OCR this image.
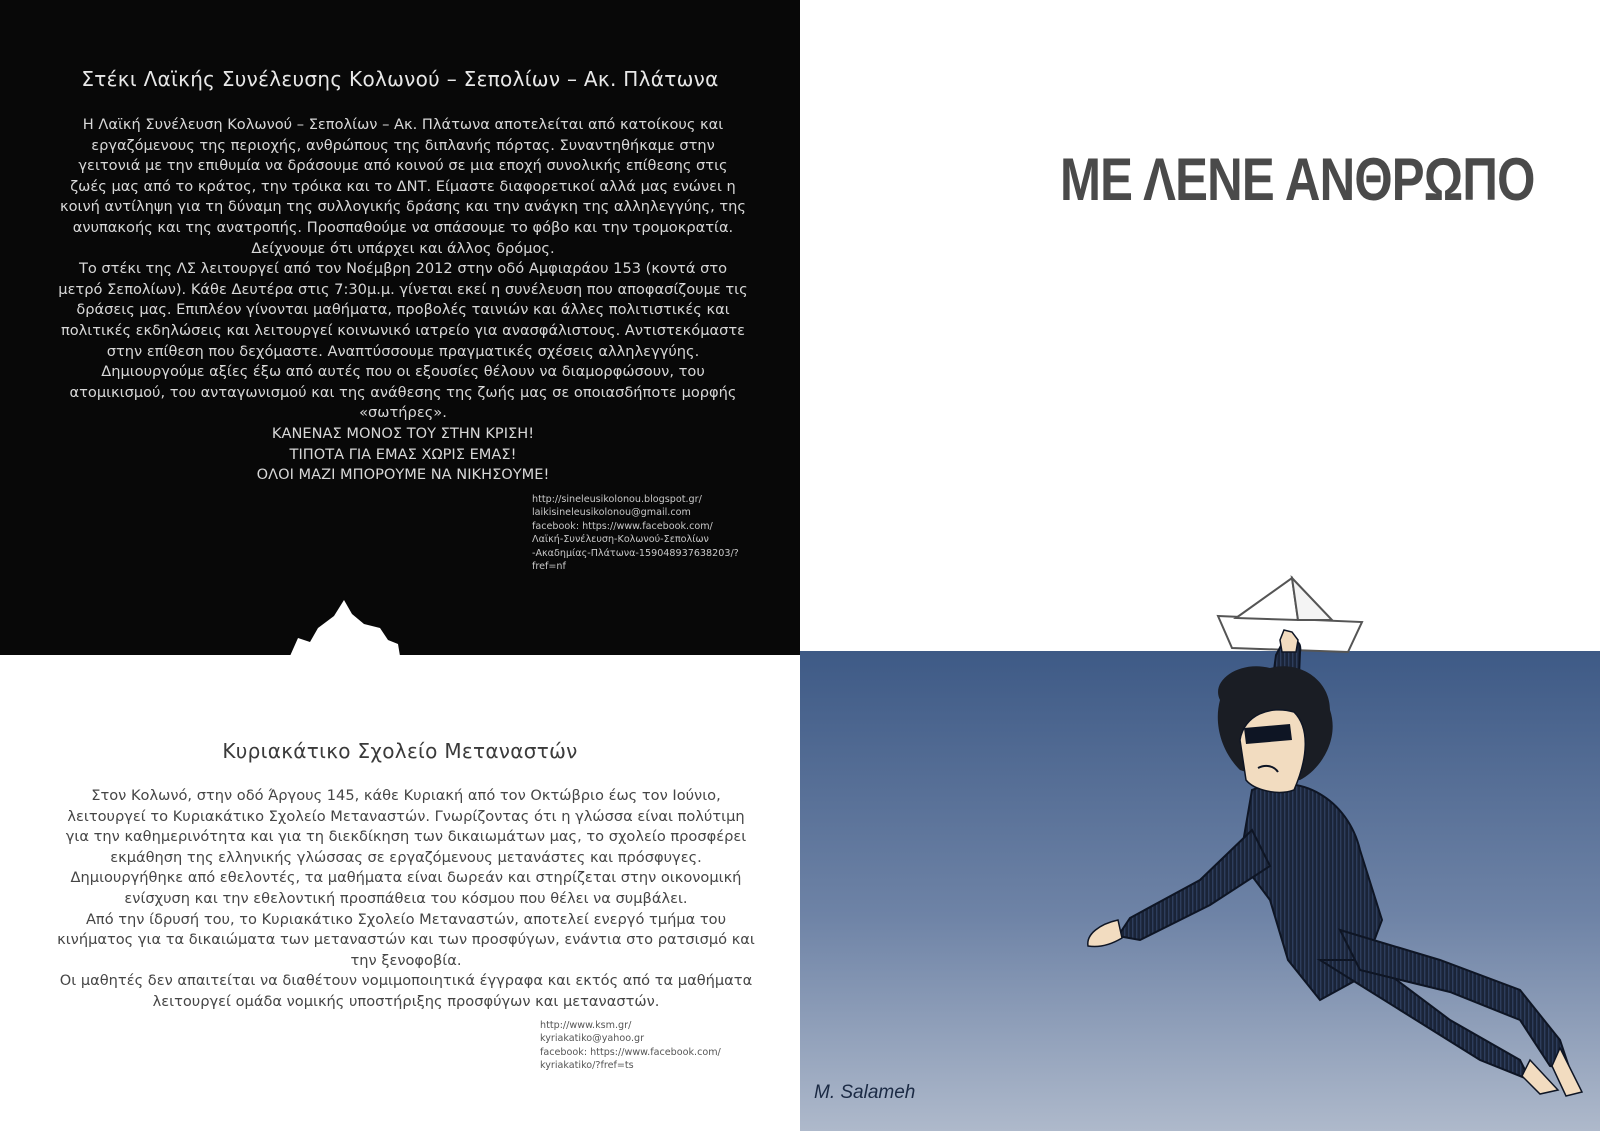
Στέκι Λαϊκής Συνέλευσης Κολωνού – Σεπολίων – Ακ. Πλάτωνα

Η Λαϊκή Συνέλευση Κολωνού – Σεπολίων – Ακ. Πλάτωνα αποτελείται από κατοίκους και εργαζόμενους της περιοχής, ανθρώπους της διπλανής πόρτας. Συναντηθήκαμε στην γειτονιά με την επιθυμία να δράσουμε από κοινού σε μια εποχή συνολικής επίθεσης στις ζωές μας από το κράτος, την τρόικα και το ΔΝΤ. Είμαστε διαφορετικοί αλλά μας ενώνει η κοινή αντίληψη για τη δύναμη της συλλογικής δράσης και την ανάγκη της αλληλεγγύης, της ανυπακοής και της ανατροπής. Προσπαθούμε να σπάσουμε το φόβο και την τρομοκρατία. Δείχνουμε ότι υπάρχει και άλλος δρόμος.

Το στέκι της ΛΣ λειτουργεί από τον Νοέμβρη 2012 στην οδό Αμφιαράου 153 (κοντά στο μετρό Σεπολίων). Κάθε Δευτέρα στις 7:30μ.μ. γίνεται εκεί η συνέλευση που αποφασίζουμε τις δράσεις μας. Επιπλέον γίνονται μαθήματα, προβολές ταινιών και άλλες πολιτιστικές και πολιτικές εκδηλώσεις και λειτουργεί κοινωνικό ιατρείο για ανασφάλιστους. Αντιστεκόμαστε στην επίθεση που δεχόμαστε. Αναπτύσσουμε πραγματικές σχέσεις αλληλεγγύης. Δημιουργούμε αξίες έξω από αυτές που οι εξουσίες θέλουν να διαμορφώσουν, του ατομικισμού, του ανταγωνισμού και της ανάθεσης της ζωής μας σε οποιασδήποτε μορφής «σωτήρες».

ΚΑΝΕΝΑΣ ΜΟΝΟΣ ΤΟΥ ΣΤΗΝ ΚΡΙΣΗ!

ΤΙΠΟΤΑ ΓΙΑ ΕΜΑΣ ΧΩΡΙΣ ΕΜΑΣ!

ΟΛΟΙ ΜΑΖΙ ΜΠΟΡΟΥΜΕ ΝΑ ΝΙΚΗΣΟΥΜΕ!

http://sineleusikolonou.blogspot.gr/
laikisineleusikolonou@gmail.com
facebook: https://www.facebook.com/
Λαϊκή-Συνέλευση-Κολωνού-Σεπολίων
-Ακαδημίας-Πλάτωνα-159048937638203/?
fref=nf
Κυριακάτικο Σχολείο Μεταναστών

Στον Κολωνό, στην οδό Άργους 145, κάθε Κυριακή από τον Οκτώβριο έως τον Ιούνιο, λειτουργεί το Κυριακάτικο Σχολείο Μεταναστών. Γνωρίζοντας ότι η γλώσσα είναι πολύτιμη για την καθημερινότητα και για τη διεκδίκηση των δικαιωμάτων μας, το σχολείο προσφέρει εκμάθηση της ελληνικής γλώσσας σε εργαζόμενους μετανάστες και πρόσφυγες. Δημιουργήθηκε από εθελοντές, τα μαθήματα είναι δωρεάν και στηρίζεται στην οικονομική ενίσχυση και την εθελοντική προσπάθεια του κόσμου που θέλει να συμβάλει.

Από την ίδρυσή του, το Κυριακάτικο Σχολείο Μεταναστών, αποτελεί ενεργό τμήμα του κινήματος για τα δικαιώματα των μεταναστών και των προσφύγων, ενάντια στο ρατσισμό και την ξενοφοβία.

Οι μαθητές δεν απαιτείται να διαθέτουν νομιμοποιητικά έγγραφα και εκτός από τα μαθήματα λειτουργεί ομάδα νομικής υποστήριξης προσφύγων και μεταναστών.

http://www.ksm.gr/
kyriakatiko@yahoo.gr
facebook: https://www.facebook.com/
kyriakatiko/?fref=ts
ΜΕ ΛΕΝΕ ΑΝΘΡΩΠΟ
M. Salameh
